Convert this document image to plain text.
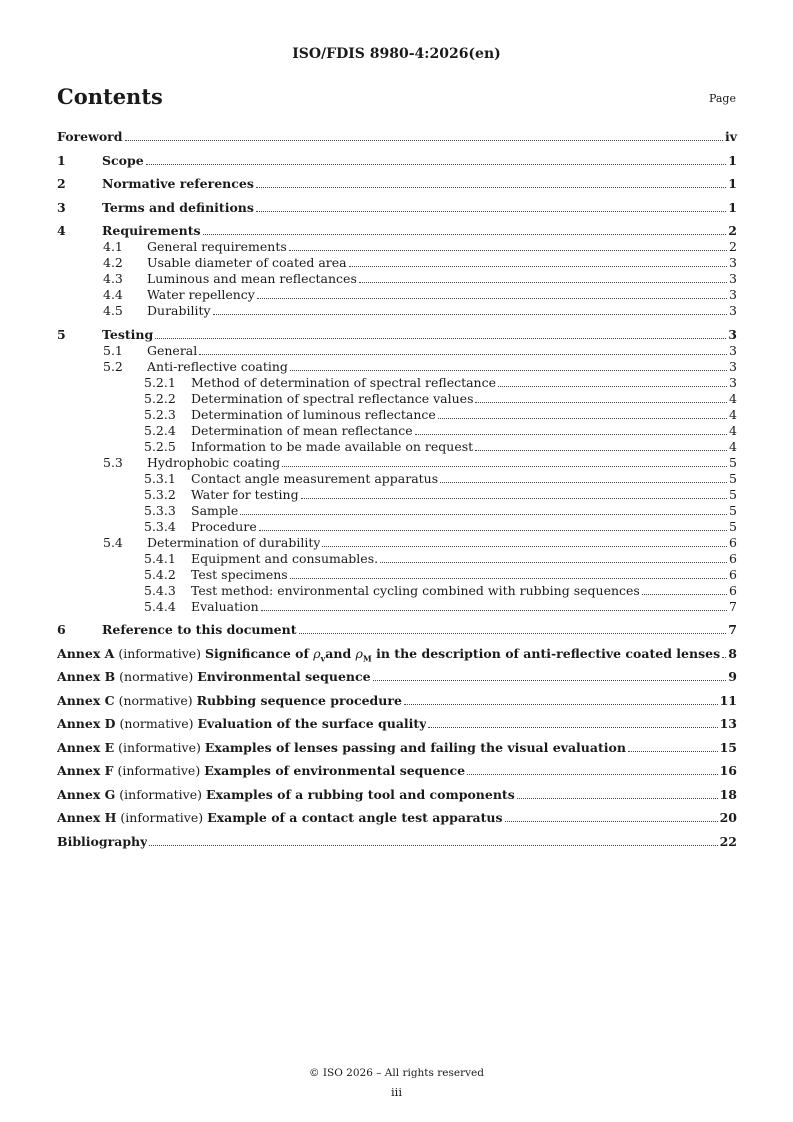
ISO/FDIS 8980-4:2026(en)
Contents	Page
Foreword	iv
1	Scope	1
2	Normative references	1
3	Terms and definitions	1
4	Requirements	2
4.1	General requirements	2
4.2	Usable diameter of coated area	3
4.3	Luminous and mean reflectances	3
4.4	Water repellency	3
4.5	Durability	3
5	Testing	3
5.1	General	3
5.2	Anti-reflective coating	3
5.2.1	Method of determination of spectral reflectance	3
5.2.2	Determination of spectral reflectance values	4
5.2.3	Determination of luminous reflectance	4
5.2.4	Determination of mean reflectance	4
5.2.5	Information to be made available on request	4
5.3	Hydrophobic coating	5
5.3.1	Contact angle measurement apparatus	5
5.3.2	Water for testing	5
5.3.3	Sample	5
5.3.4	Procedure	5
5.4	Determination of durability	6
5.4.1	Equipment and consumables.	6
5.4.2	Test specimens	6
5.4.3	Test method: environmental cycling combined with rubbing sequences	6
5.4.4	Evaluation	7
6	Reference to this document	7
Annex A (informative) Significance of $\rho_vand$ $\rho_M$ in the description of anti-reflective coated lenses 8
Annex B (normative) Environmental sequence	9
Annex C (normative) Rubbing sequence procedure	11
Annex D (normative) Evaluation of the surface quality	13
Annex E (informative) Examples of lenses passing and failing the visual evaluation	15
Annex F (informative) Examples of environmental sequence	16
Annex G (informative) Examples of a rubbing tool and components	18
Annex H (informative) Example of a contact angle test apparatus	20
Bibliography	22
© ISO 2026 – All rights reserved
iii
